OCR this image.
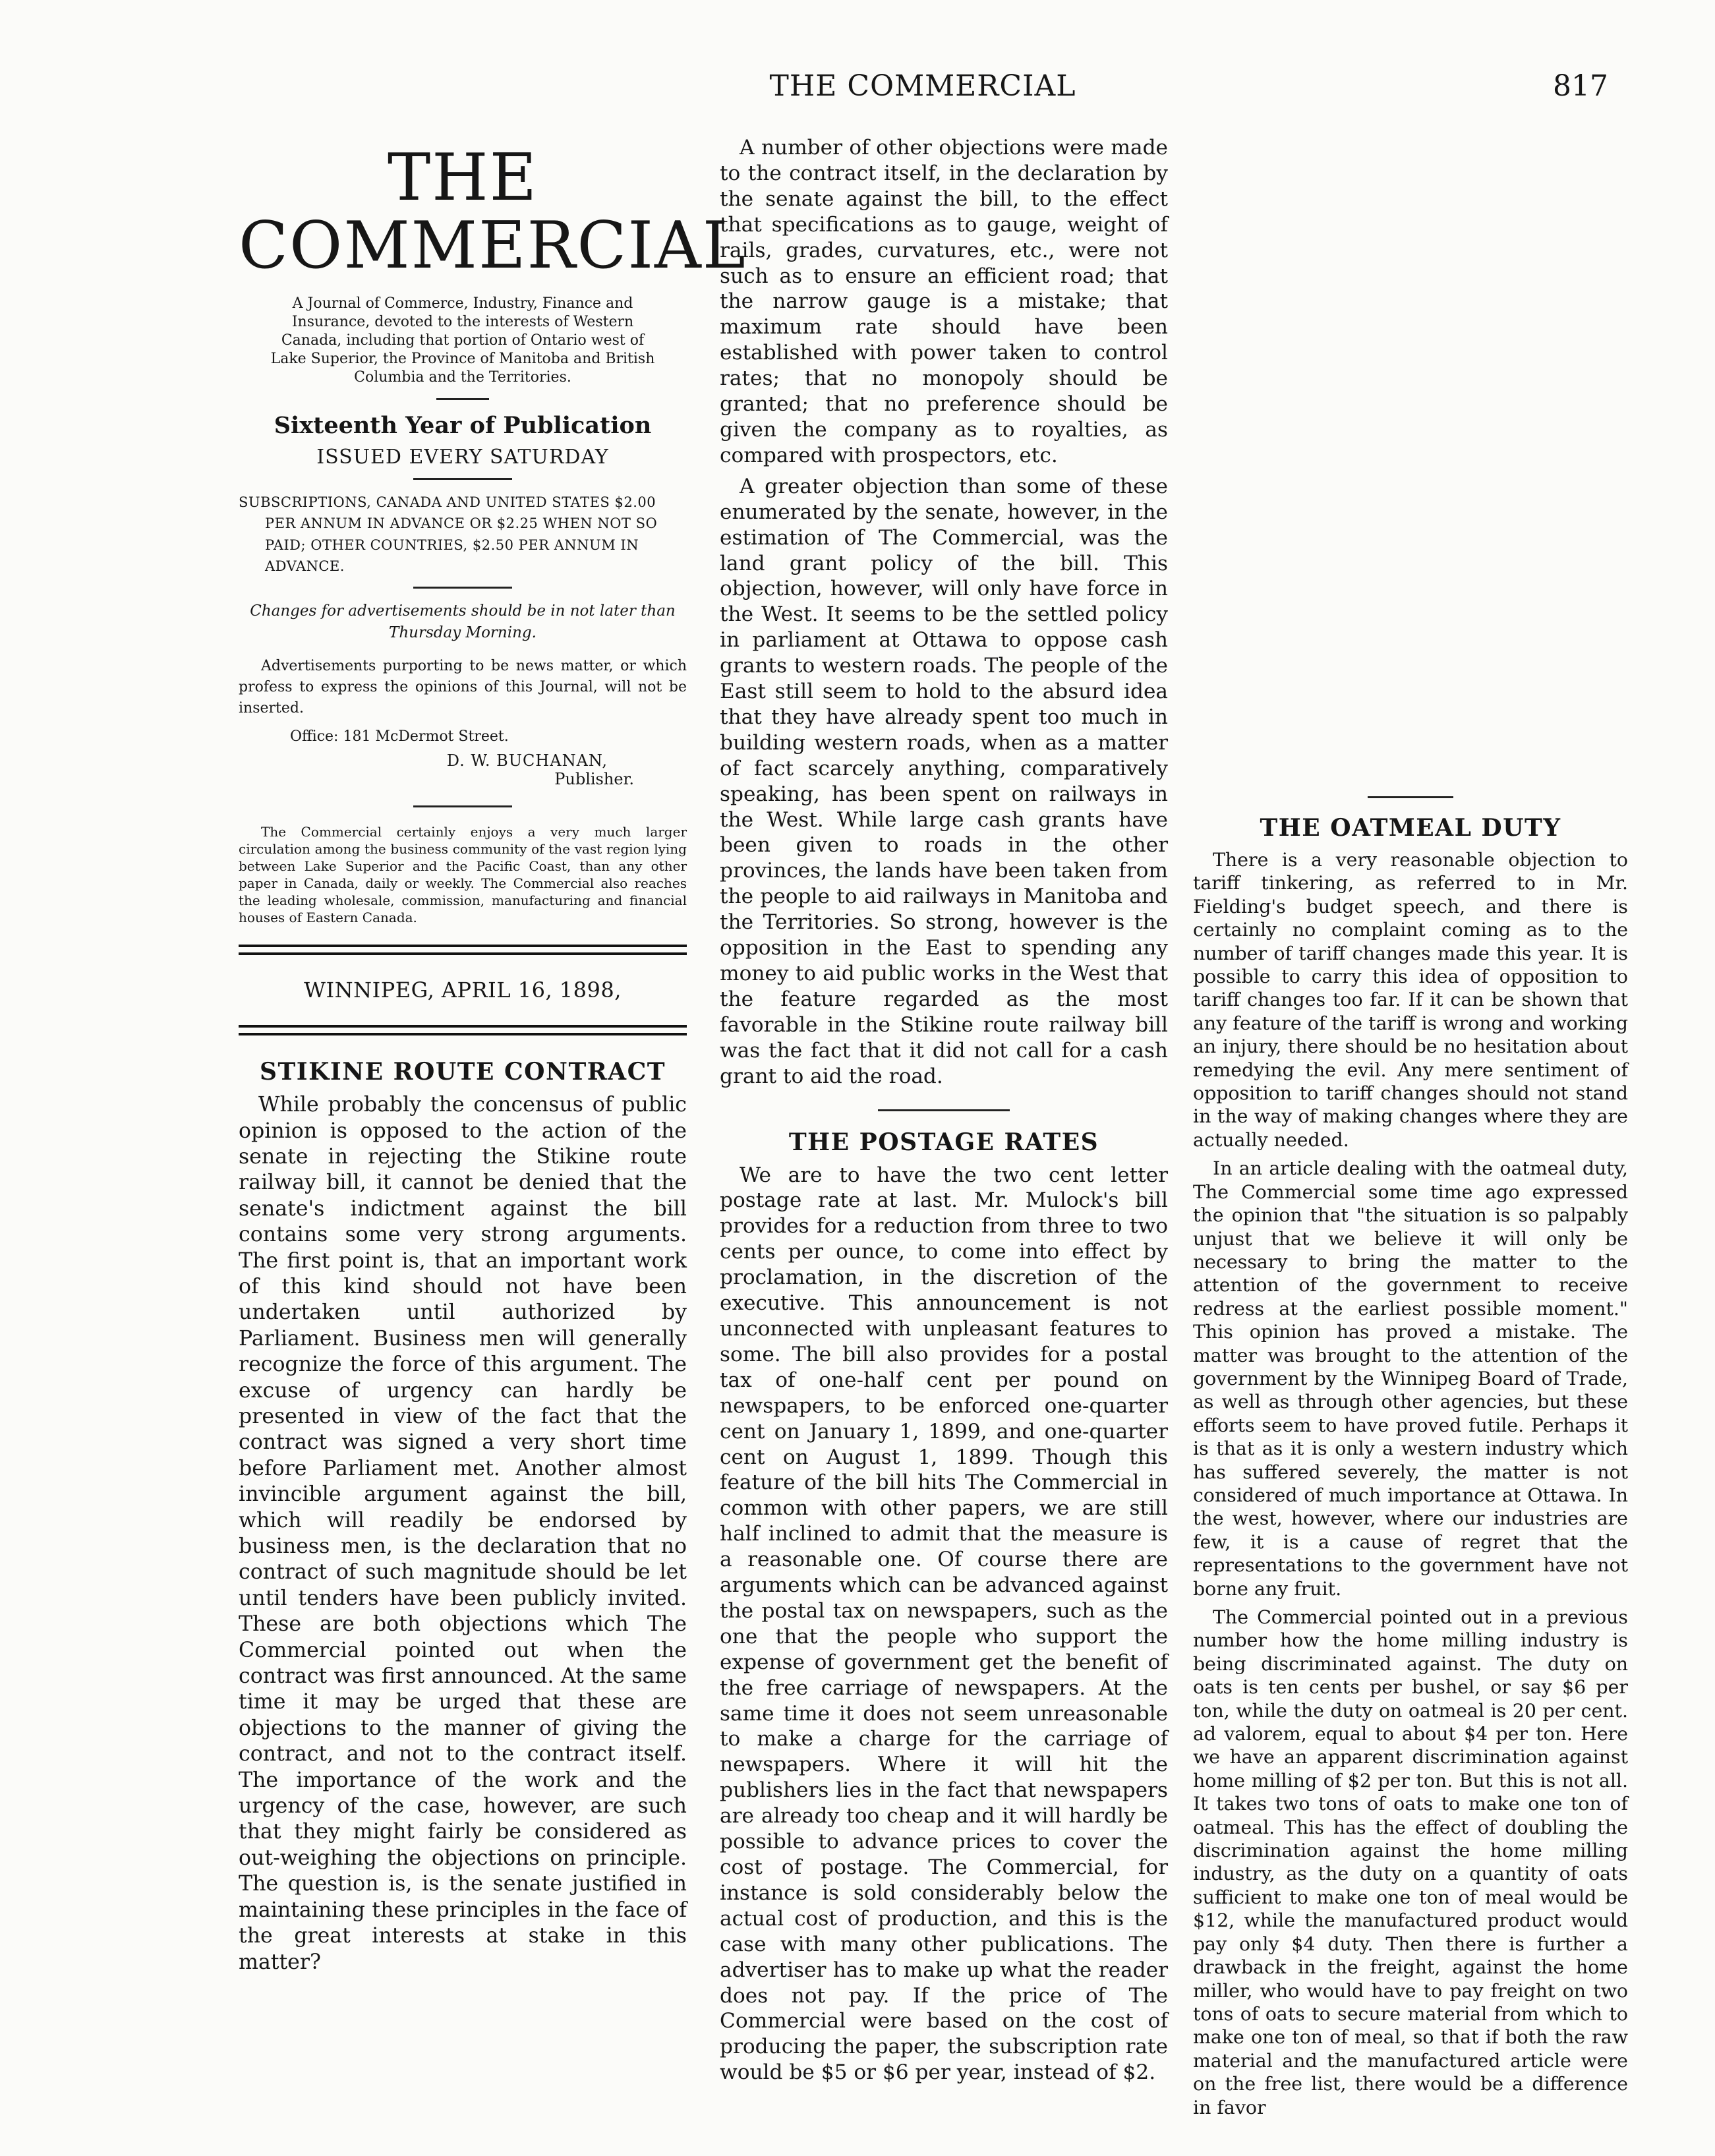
THE COMMERCIAL	817
THE COMMERCIAL
A Journal of Commerce, Industry, Finance and Insurance, devoted to the interests of Western Canada, including that portion of Ontario west of Lake Superior, the Province of Manitoba and British Columbia and the Territories.
Sixteenth Year of Publication
ISSUED EVERY SATURDAY
SUBSCRIPTIONS, CANADA AND UNITED STATES $2.00 PER ANNUM IN ADVANCE OR $2.25 WHEN NOT SO PAID; OTHER COUNTRIES, $2.50 PER ANNUM IN ADVANCE.
Changes for advertisements should be in not later than Thursday Morning.
Advertisements purporting to be news matter, or which profess to express the opinions of this Journal, will not be inserted.
Office: 181 McDermot Street.
D. W. BUCHANAN,
Publisher.
The Commercial certainly enjoys a very much larger circulation among the business community of the vast region lying between Lake Superior and the Pacific Coast, than any other paper in Canada, daily or weekly. The Commercial also reaches the leading wholesale, commission, manufacturing and financial houses of Eastern Canada.
WINNIPEG, APRIL 16, 1898,
STIKINE ROUTE CONTRACT

While probably the concensus of public opinion is opposed to the action of the senate in rejecting the Stikine route railway bill, it cannot be denied that the senate's indictment against the bill contains some very strong arguments. The first point is, that an important work of this kind should not have been undertaken until authorized by Parliament. Business men will generally recognize the force of this argument. The excuse of urgency can hardly be presented in view of the fact that the contract was signed a very short time before Parliament met. Another almost invincible argument against the bill, which will readily be endorsed by business men, is the declaration that no contract of such magnitude should be let until tenders have been publicly invited. These are both objections which The Commercial pointed out when the contract was first announced. At the same time it may be urged that these are objections to the manner of giving the contract, and not to the contract itself. The importance of the work and the urgency of the case, however, are such that they might fairly be considered as out-weighing the objections on principle. The question is, is the senate justified in maintaining these principles in the face of the great interests at stake in this matter?

A number of other objections were made to the contract itself, in the declaration by the senate against the bill, to the effect that specifications as to gauge, weight of rails, grades, curvatures, etc., were not such as to ensure an efficient road; that the narrow gauge is a mistake; that maximum rate should have been established with power taken to control rates; that no monopoly should be granted; that no preference should be given the company as to royalties, as compared with prospectors, etc.

A greater objection than some of these enumerated by the senate, however, in the estimation of The Commercial, was the land grant policy of the bill. This objection, however, will only have force in the West. It seems to be the settled policy in parliament at Ottawa to oppose cash grants to western roads. The people of the East still seem to hold to the absurd idea that they have already spent too much in building western roads, when as a matter of fact scarcely anything, comparatively speaking, has been spent on railways in the West. While large cash grants have been given to roads in the other provinces, the lands have been taken from the people to aid railways in Manitoba and the Territories. So strong, however is the opposition in the East to spending any money to aid public works in the West that the feature regarded as the most favorable in the Stikine route railway bill was the fact that it did not call for a cash grant to aid the road.

THE POSTAGE RATES

We are to have the two cent letter postage rate at last. Mr. Mulock's bill provides for a reduction from three to two cents per ounce, to come into effect by proclamation, in the discretion of the executive. This announcement is not unconnected with unpleasant features to some. The bill also provides for a postal tax of one-half cent per pound on newspapers, to be enforced one-quarter cent on January 1, 1899, and one-quarter cent on August 1, 1899. Though this feature of the bill hits The Commercial in common with other papers, we are still half inclined to admit that the measure is a reasonable one. Of course there are arguments which can be advanced against the postal tax on newspapers, such as the one that the people who support the expense of government get the benefit of the free carriage of newspapers. At the same time it does not seem unreasonable to make a charge for the carriage of newspapers. Where it will hit the publishers lies in the fact that newspapers are already too cheap and it will hardly be possible to advance prices to cover the cost of postage. The Commercial, for instance is sold considerably below the actual cost of production, and this is the case with many other publications. The advertiser has to make up what the reader does not pay. If the price of The Commercial were based on the cost of producing the paper, the subscription rate would be $5 or $6 per year, instead of $2.

THE OATMEAL DUTY

There is a very reasonable objection to tariff tinkering, as referred to in Mr. Fielding's budget speech, and there is certainly no complaint coming as to the number of tariff changes made this year. It is possible to carry this idea of opposition to tariff changes too far. If it can be shown that any feature of the tariff is wrong and working an injury, there should be no hesitation about remedying the evil. Any mere sentiment of opposition to tariff changes should not stand in the way of making changes where they are actually needed.

In an article dealing with the oatmeal duty, The Commercial some time ago expressed the opinion that "the situation is so palpably unjust that we believe it will only be necessary to bring the matter to the attention of the government to receive redress at the earliest possible moment." This opinion has proved a mistake. The matter was brought to the attention of the government by the Winnipeg Board of Trade, as well as through other agencies, but these efforts seem to have proved futile. Perhaps it is that as it is only a western industry which has suffered severely, the matter is not considered of much importance at Ottawa. In the west, however, where our industries are few, it is a cause of regret that the representations to the government have not borne any fruit.

The Commercial pointed out in a previous number how the home milling industry is being discriminated against. The duty on oats is ten cents per bushel, or say $6 per ton, while the duty on oatmeal is 20 per cent. ad valorem, equal to about $4 per ton. Here we have an apparent discrimination against home milling of $2 per ton. But this is not all. It takes two tons of oats to make one ton of oatmeal. This has the effect of doubling the discrimination against the home milling industry, as the duty on a quantity of oats sufficient to make one ton of meal would be $12, while the manufactured product would pay only $4 duty. Then there is further a drawback in the freight, against the home miller, who would have to pay freight on two tons of oats to secure material from which to make one ton of meal, so that if both the raw material and the manufactured article were on the free list, there would be a difference in favor
